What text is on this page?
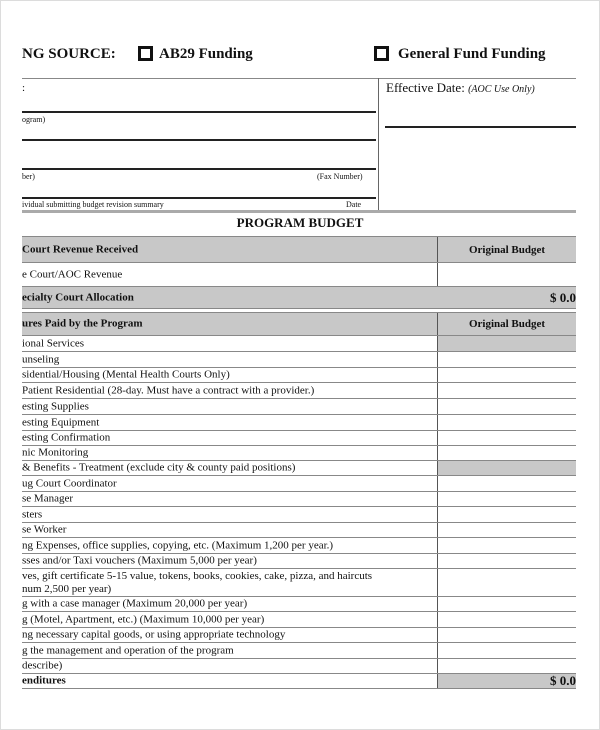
NG SOURCE:	AB29 Funding	General Fund Funding
:
ogram)
ber)	(Fax Number)
ividual submitting budget revision summary	Date
Effective Date: (AOC Use Only)
PROGRAM BUDGET
Court Revenue Received	Original Budget
e Court/AOC Revenue
ecialty Court Allocation	$ 0.0
ures Paid by the Program	Original Budget
ional Services
unseling
sidential/Housing (Mental Health Courts Only)
Patient Residential (28-day. Must have a contract with a provider.)
esting Supplies
esting Equipment
esting Confirmation
nic Monitoring
& Benefits - Treatment (exclude city & county paid positions)
ug Court Coordinator
se Manager
sters
se Worker
ng Expenses, office supplies, copying, etc. (Maximum 1,200 per year.)
sses and/or Taxi vouchers (Maximum 5,000 per year)
ves, gift certificate 5-15 value, tokens, books, cookies, cake, pizza, and haircuts
num 2,500 per year)
g with a case manager (Maximum 20,000 per year)
g (Motel, Apartment, etc.) (Maximum 10,000 per year)
ng necessary capital goods, or using appropriate technology
g the management and operation of the program
describe)
enditures	$ 0.0
